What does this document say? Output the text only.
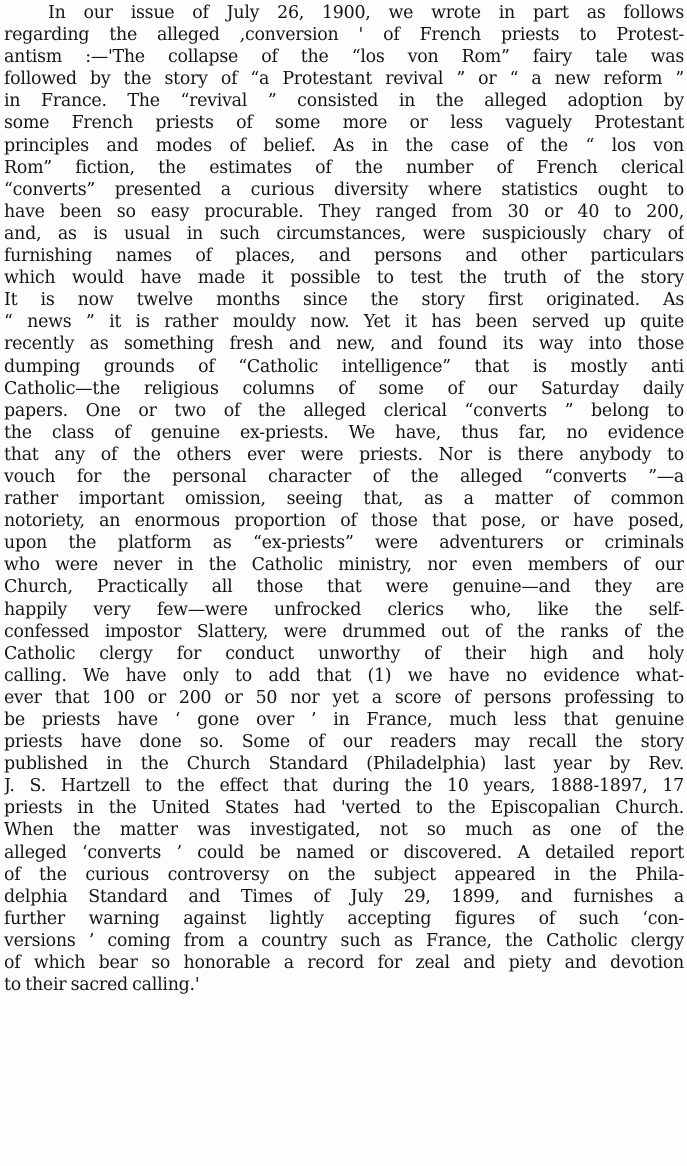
In our issue of July 26, 1900, we wrote in part as follows
regarding the alleged ,conversion ' of French priests to Protest-
antism :—'The collapse of the “los von Rom” fairy tale was
followed by the story of “a Protestant revival ” or “ a new reform ”
in France. The “revival ” consisted in the alleged adoption by
some French priests of some more or less vaguely Protestant
principles and modes of belief. As in the case of the “ los von
Rom” fiction, the estimates of the number of French clerical
“converts” presented a curious diversity where statistics ought to
have been so easy procurable. They ranged from 30 or 40 to 200,
and, as is usual in such circumstances, were suspiciously chary of
furnishing names of places, and persons and other particulars
which would have made it possible to test the truth of the story
It is now twelve months since the story first originated. As
“ news ” it is rather mouldy now. Yet it has been served up quite
recently as something fresh and new, and found its way into those
dumping grounds of “Catholic intelligence” that is mostly anti
Catholic—the religious columns of some of our Saturday daily
papers. One or two of the alleged clerical “converts ” belong to
the class of genuine ex-priests. We have, thus far, no evidence
that any of the others ever were priests. Nor is there anybody to
vouch for the personal character of the alleged “converts ”—a
rather important omission, seeing that, as a matter of common
notoriety, an enormous proportion of those that pose, or have posed,
upon the platform as “ex-priests” were adventurers or criminals
who were never in the Catholic ministry, nor even members of our
Church, Practically all those that were genuine—and they are
happily very few—were unfrocked clerics who, like the self-
confessed impostor Slattery, were drummed out of the ranks of the
Catholic clergy for conduct unworthy of their high and holy
calling. We have only to add that (1) we have no evidence what-
ever that 100 or 200 or 50 nor yet a score of persons professing to
be priests have ‘ gone over ’ in France, much less that genuine
priests have done so. Some of our readers may recall the story
published in the Church Standard (Philadelphia) last year by Rev.
J. S. Hartzell to the effect that during the 10 years, 1888-1897, 17
priests in the United States had 'verted to the Episcopalian Church.
When the matter was investigated, not so much as one of the
alleged ‘converts ’ could be named or discovered. A detailed report
of the curious controversy on the subject appeared in the Phila-
delphia Standard and Times of July 29, 1899, and furnishes a
further warning against lightly accepting figures of such ‘con-
versions ’ coming from a country such as France, the Catholic clergy
of which bear so honorable a record for zeal and piety and devotion
to their sacred calling.'
